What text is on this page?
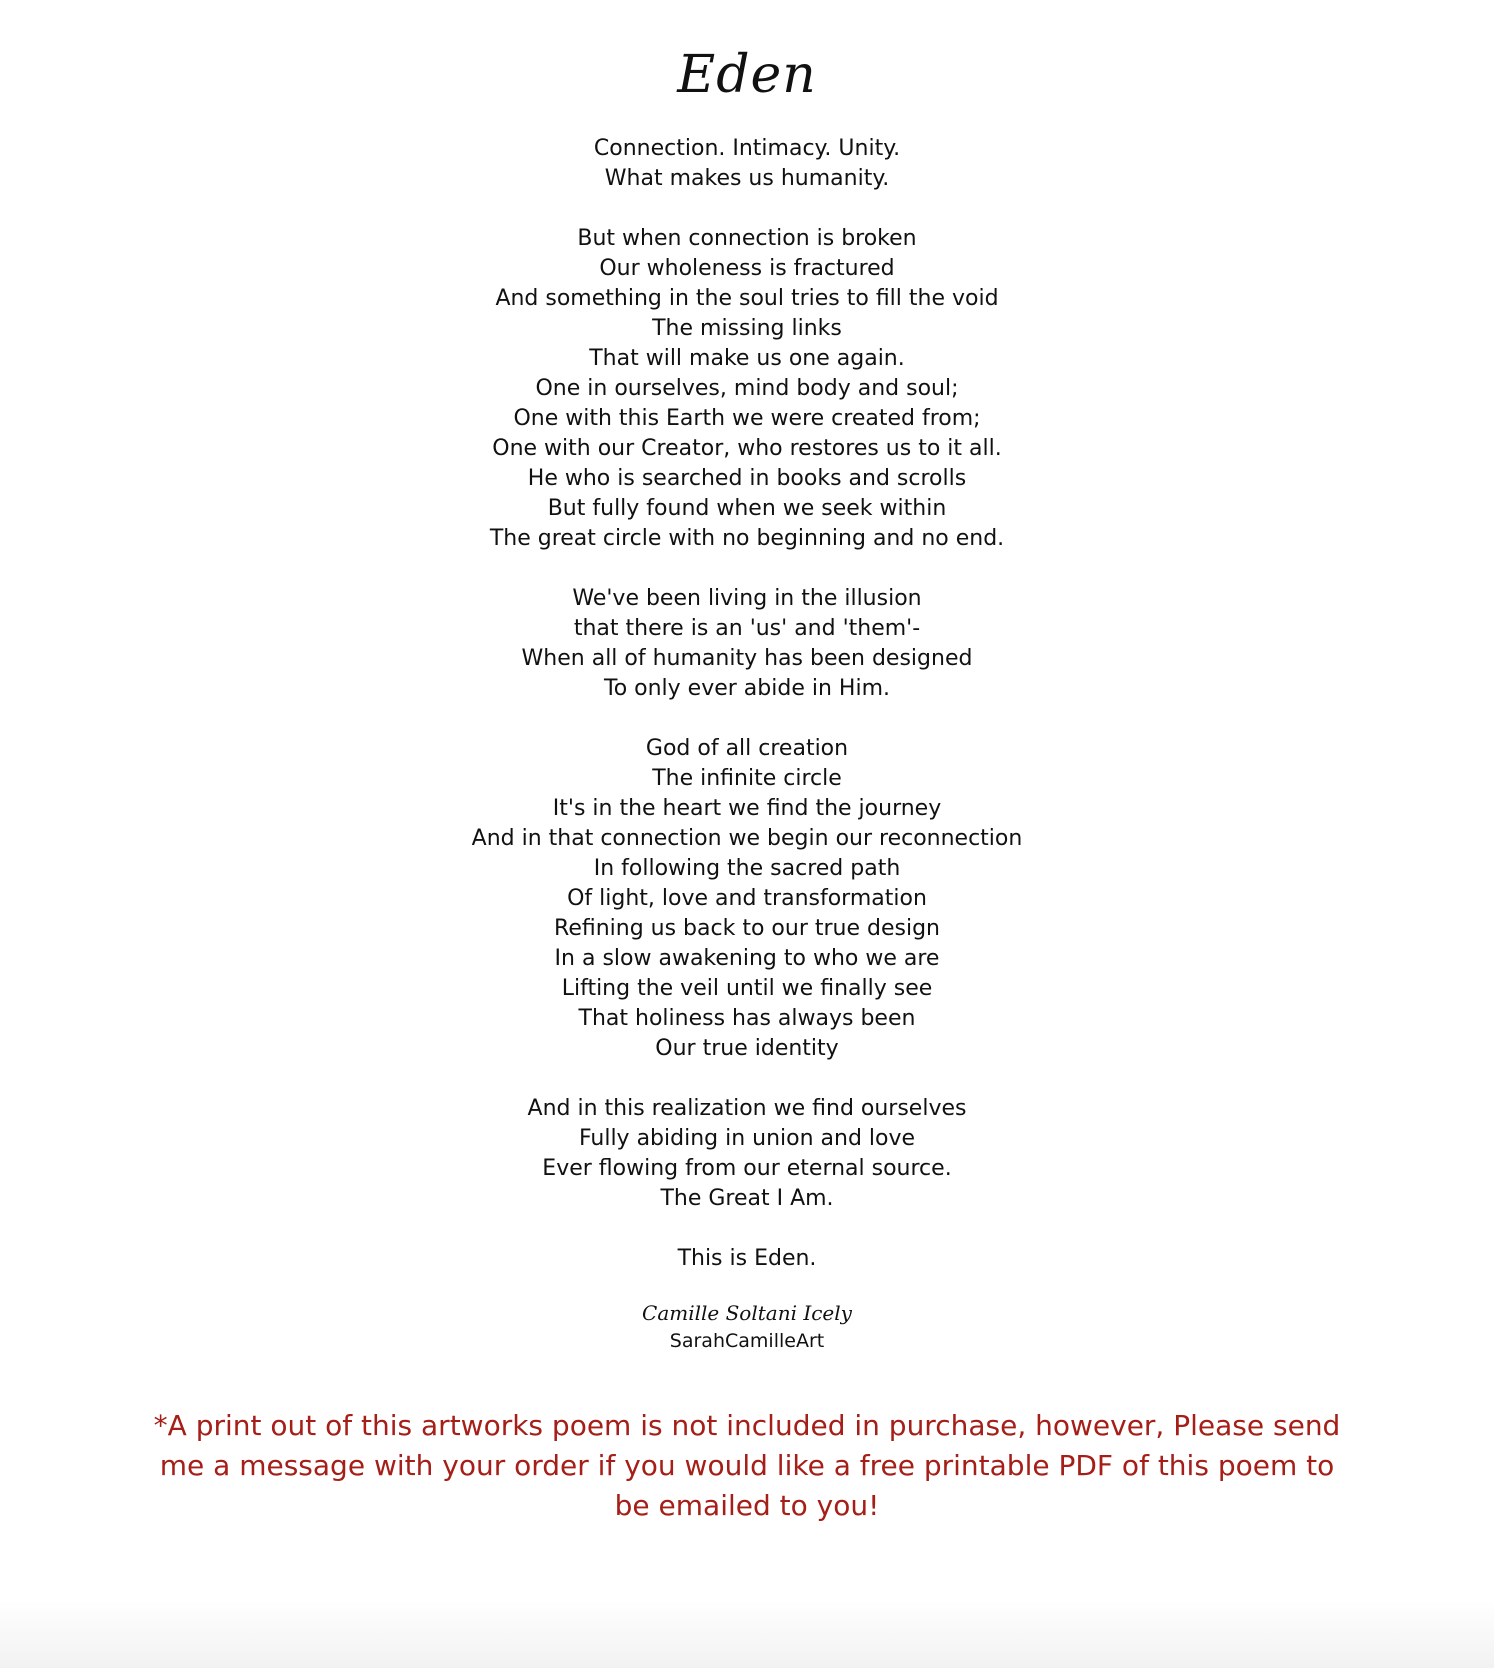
Eden
Connection. Intimacy. Unity.
What makes us humanity.
But when connection is broken
Our wholeness is fractured
And something in the soul tries to fill the void
The missing links
That will make us one again.
One in ourselves, mind body and soul;
One with this Earth we were created from;
One with our Creator, who restores us to it all.
He who is searched in books and scrolls
But fully found when we seek within
The great circle with no beginning and no end.
We've been living in the illusion
that there is an 'us' and 'them'-
When all of humanity has been designed
To only ever abide in Him.
God of all creation
The infinite circle
It's in the heart we find the journey
And in that connection we begin our reconnection
In following the sacred path
Of light, love and transformation
Refining us back to our true design
In a slow awakening to who we are
Lifting the veil until we finally see
That holiness has always been
Our true identity
And in this realization we find ourselves
Fully abiding in union and love
Ever flowing from our eternal source.
The Great I Am.
This is Eden.
Camille Soltani Icely
SarahCamilleArt
*A print out of this artworks poem is not included in purchase, however, Please send me a message with your order if you would like a free printable PDF of this poem to be emailed to you!
